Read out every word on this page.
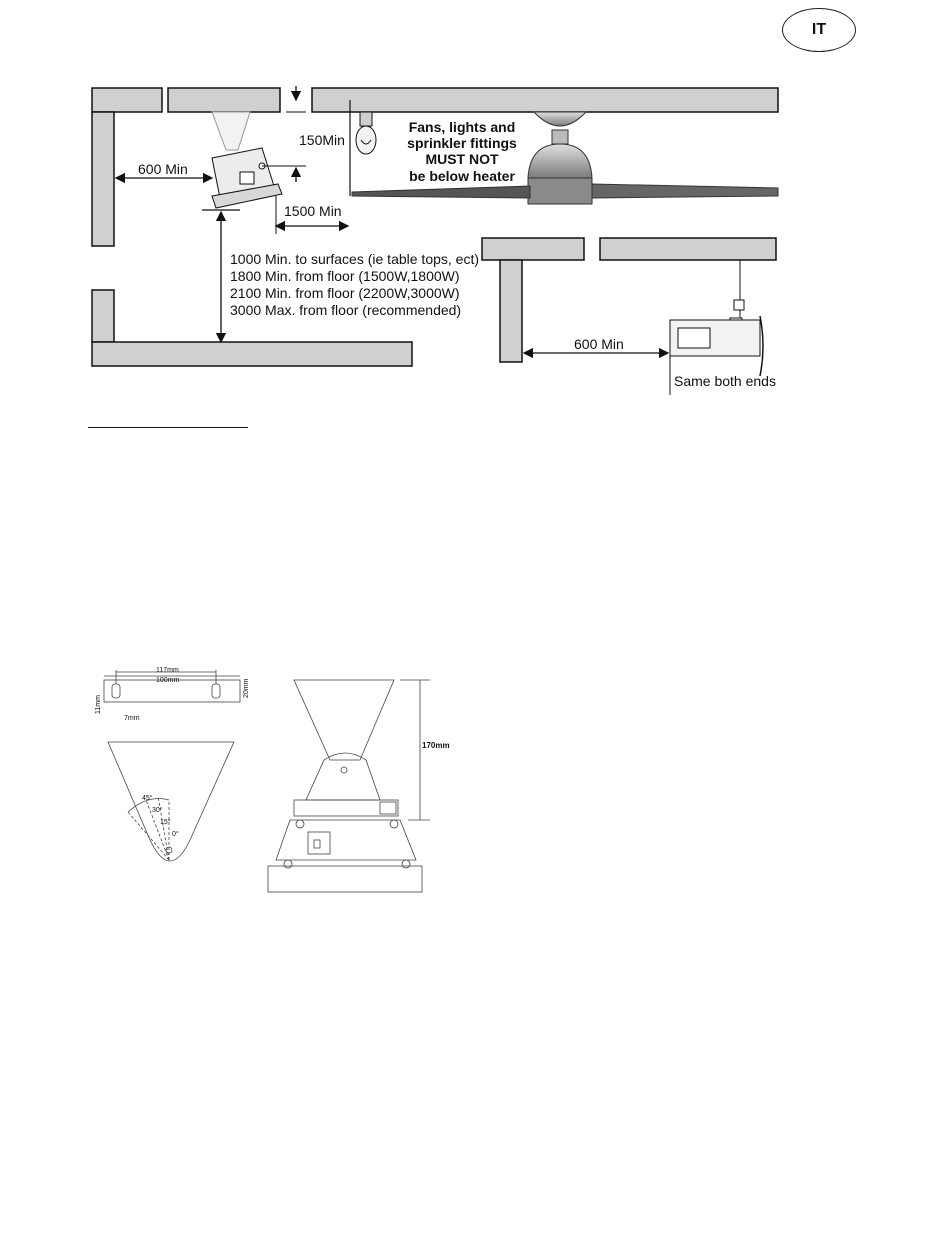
IT
600 Min
150Min
1500 Min
Fans, lights and
sprinkler fittings
MUST NOT
be below heater
1000 Min. to surfaces (ie table tops, ect)
1800 Min. from floor (1500W,1800W)
2100 Min. from floor (2200W,3000W)
3000 Max. from floor (recommended)
600 Min
Same both ends
117mm
100mm
11mm
7mm
20mm
45°
30°
15°
0°
170mm
